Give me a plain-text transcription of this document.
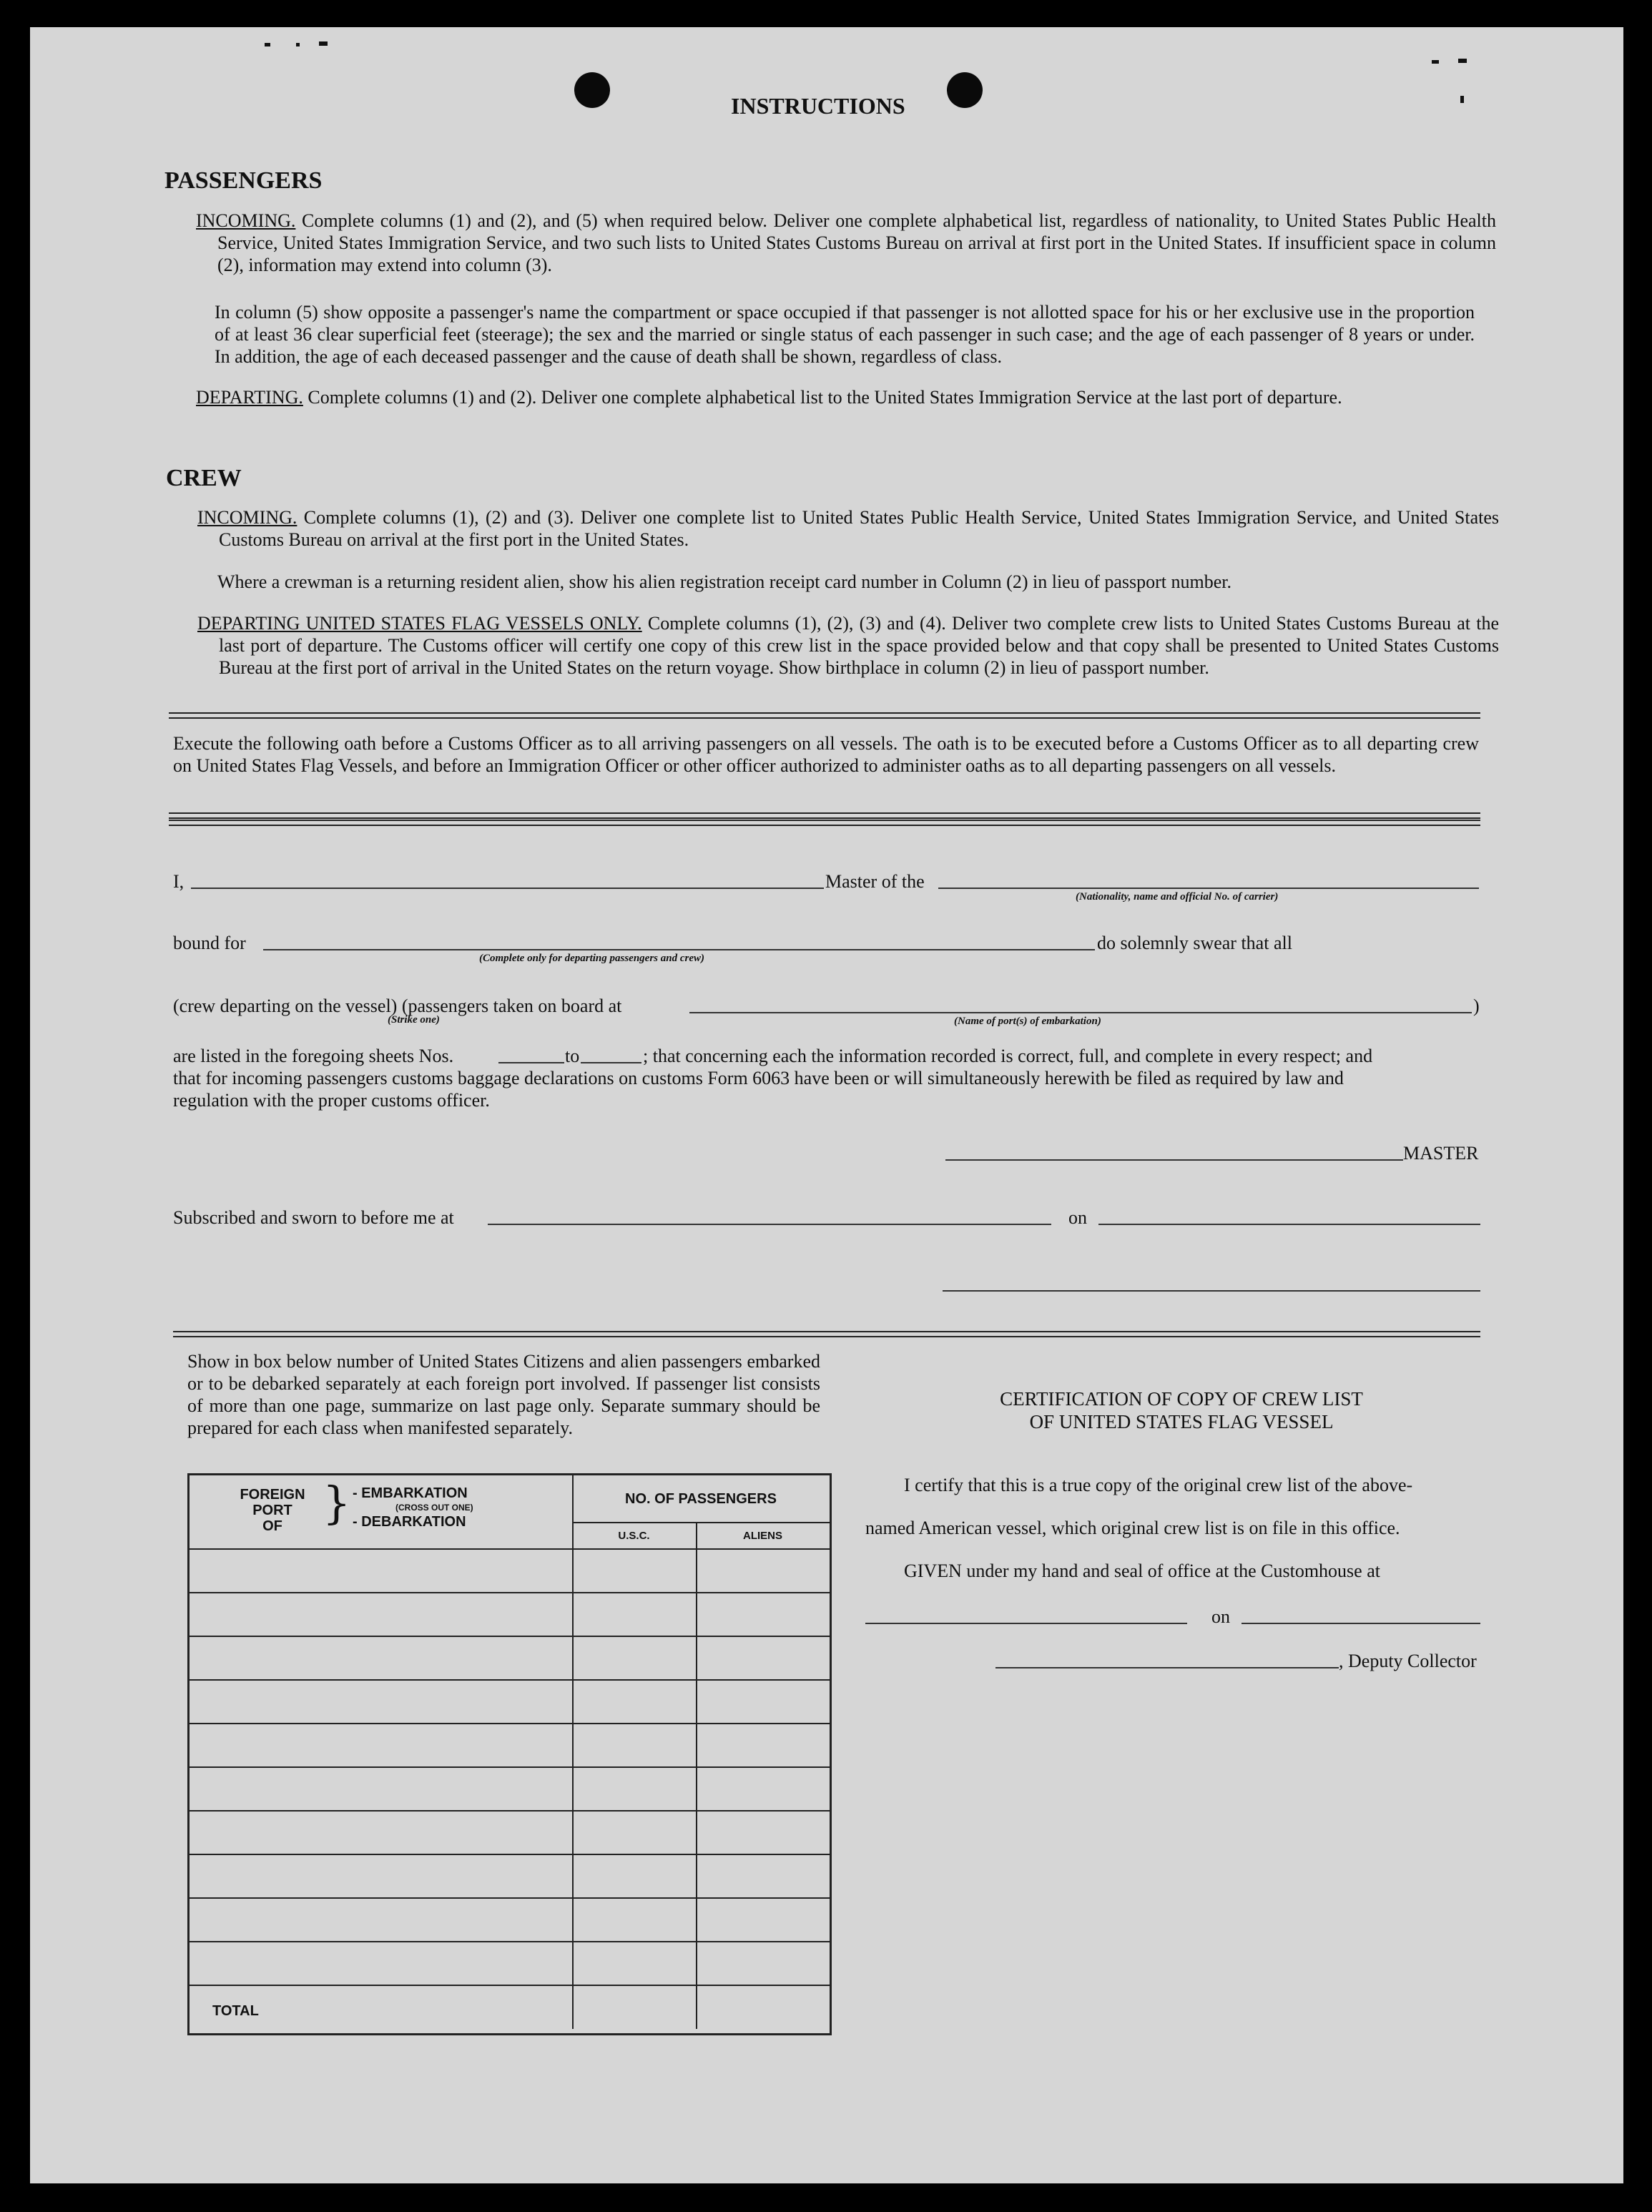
INSTRUCTIONS
PASSENGERS
INCOMING. Complete columns (1) and (2), and (5) when required below. Deliver one complete alphabetical list, regardless of nationality, to United States Public Health Service, United States Immigration Service, and two such lists to United States Customs Bureau on arrival at first port in the United States. If insufficient space in column (2), information may extend into column (3).
In column (5) show opposite a passenger's name the compartment or space occupied if that passenger is not allotted space for his or her exclusive use in the proportion of at least 36 clear superficial feet (steerage); the sex and the married or single status of each passenger in such case; and the age of each passenger of 8 years or under. In addition, the age of each deceased passenger and the cause of death shall be shown, regardless of class.
DEPARTING. Complete columns (1) and (2). Deliver one complete alphabetical list to the United States Immigration Service at the last port of departure.
CREW
INCOMING. Complete columns (1), (2) and (3). Deliver one complete list to United States Public Health Service, United States Immigration Service, and United States Customs Bureau on arrival at the first port in the United States.
Where a crewman is a returning resident alien, show his alien registration receipt card number in Column (2) in lieu of passport number.
DEPARTING UNITED STATES FLAG VESSELS ONLY. Complete columns (1), (2), (3) and (4). Deliver two complete crew lists to United States Customs Bureau at the last port of departure. The Customs officer will certify one copy of this crew list in the space provided below and that copy shall be presented to United States Customs Bureau at the first port of arrival in the United States on the return voyage. Show birthplace in column (2) in lieu of passport number.
Execute the following oath before a Customs Officer as to all arriving passengers on all vessels. The oath is to be executed before a Customs Officer as to all departing crew on United States Flag Vessels, and before an Immigration Officer or other officer authorized to administer oaths as to all departing passengers on all vessels.
I,	Master of the
(Nationality, name and official No. of carrier)
bound for
(Complete only for departing passengers and crew)
do solemnly swear that all
(crew departing on the vessel) (passengers taken on board at
(Strike one)	(Name of port(s) of embarkation)
)
are listed in the foregoing sheets Nos.	to	; that concerning each the information recorded is correct, full, and complete in every respect; and
that for incoming passengers customs baggage declarations on customs Form 6063 have been or will simultaneously herewith be filed as required by law and
regulation with the proper customs officer.
MASTER
Subscribed and sworn to before me at	on
Show in box below number of United States Citizens and alien passengers embarked or to be debarked separately at each foreign port involved. If passenger list consists of more than one page, summarize on last page only. Separate summary should be prepared for each class when manifested separately.
FOREIGN
PORT
OF } - EMBARKATION
(CROSS OUT ONE)
- DEBARKATION
NO. OF PASSENGERS
U.S.C.	ALIENS
TOTAL
CERTIFICATION OF COPY OF CREW LIST
OF UNITED STATES FLAG VESSEL
I certify that this is a true copy of the original crew list of the above-
named American vessel, which original crew list is on file in this office.
GIVEN under my hand and seal of office at the Customhouse at
on
, Deputy Collector
